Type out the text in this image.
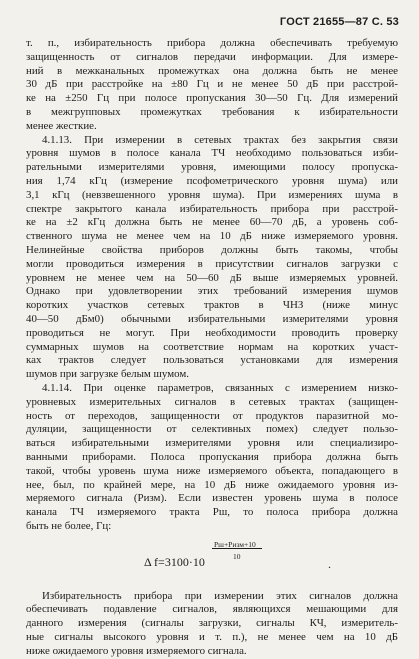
ГОСТ 21655—87 С. 53
т. п., избирательность прибора должна обеспечивать требуемую
защищенность от сигналов передачи информации. Для измере-
ний в межканальных промежутках она должна быть не менее
30 дБ при расстройке на ±80 Гц и не менее 50 дБ при расстрой-
ке на ±250 Гц при полосе пропускания 30—50 Гц. Для измерений
в межгрупповых промежутках требования к избирательности
менее жесткие.
4.1.13. При измерении в сетевых трактах без закрытия связи
уровня шумов в полосе канала ТЧ необходимо пользоваться изби-
рательными измерителями уровня, имеющими полосу пропуска-
ния 1,74 кГц (измерение псофометрического уровня шума) или
3,1 кГц (невзвешенного уровня шума). При измерениях шума в
спектре закрытого канала избирательность прибора при расстрой-
ке на ±2 кГц должна быть не менее 60—70 дБ, а уровень соб-
ственного шума не менее чем на 10 дБ ниже измеряемого уровня.
Нелинейные свойства приборов должны быть такомы, чтобы
могли проводиться измерения в присутствии сигналов загрузки с
уровнем не менее чем на 50—60 дБ выше измеряемых уровней.
Однако при удовлетворении этих требований измерения шумов
коротких участков сетевых трактов в ЧНЗ (ниже минус
40—50 дБм0) обычными избирательными измерителями уровня
проводиться не могут. При необходимости проводить проверку
суммарных шумов на соответствие нормам на коротких участ-
ках трактов следует пользоваться установками для измерения
шумов при загрузке белым шумом.
4.1.14. При оценке параметров, связанных с измерением низко-
уровневых измерительных сигналов в сетевых трактах (защищен-
ность от переходов, защищенности от продуктов паразитной мо-
дуляции, защищенности от селективных помех) следует пользо-
ваться избирательными измерителями уровня или специализиро-
ванными приборами. Полоса пропускания прибора должна быть
такой, чтобы уровень шума ниже измеряемого объекта, попадающего в
нее, был, по крайней мере, на 10 дБ ниже ожидаемого уровня из-
меряемого сигнала (Pизм). Если известен уровень шума в полосе
канала ТЧ измеряемого тракта Pш, то полоса прибора должна
быть не более, Гц:
Pш+Pизм+10
10
Δ f=3100·10	.
Избирательность прибора при измерении этих сигналов должна
обеспечивать подавление сигналов, являющихся мешающими для
данного измерения (сигналы загрузки, сигналы КЧ, измеритель-
ные сигналы высокого уровня и т. п.), не менее чем на 10 дБ
ниже ожидаемого уровня измеряемого сигнала.
